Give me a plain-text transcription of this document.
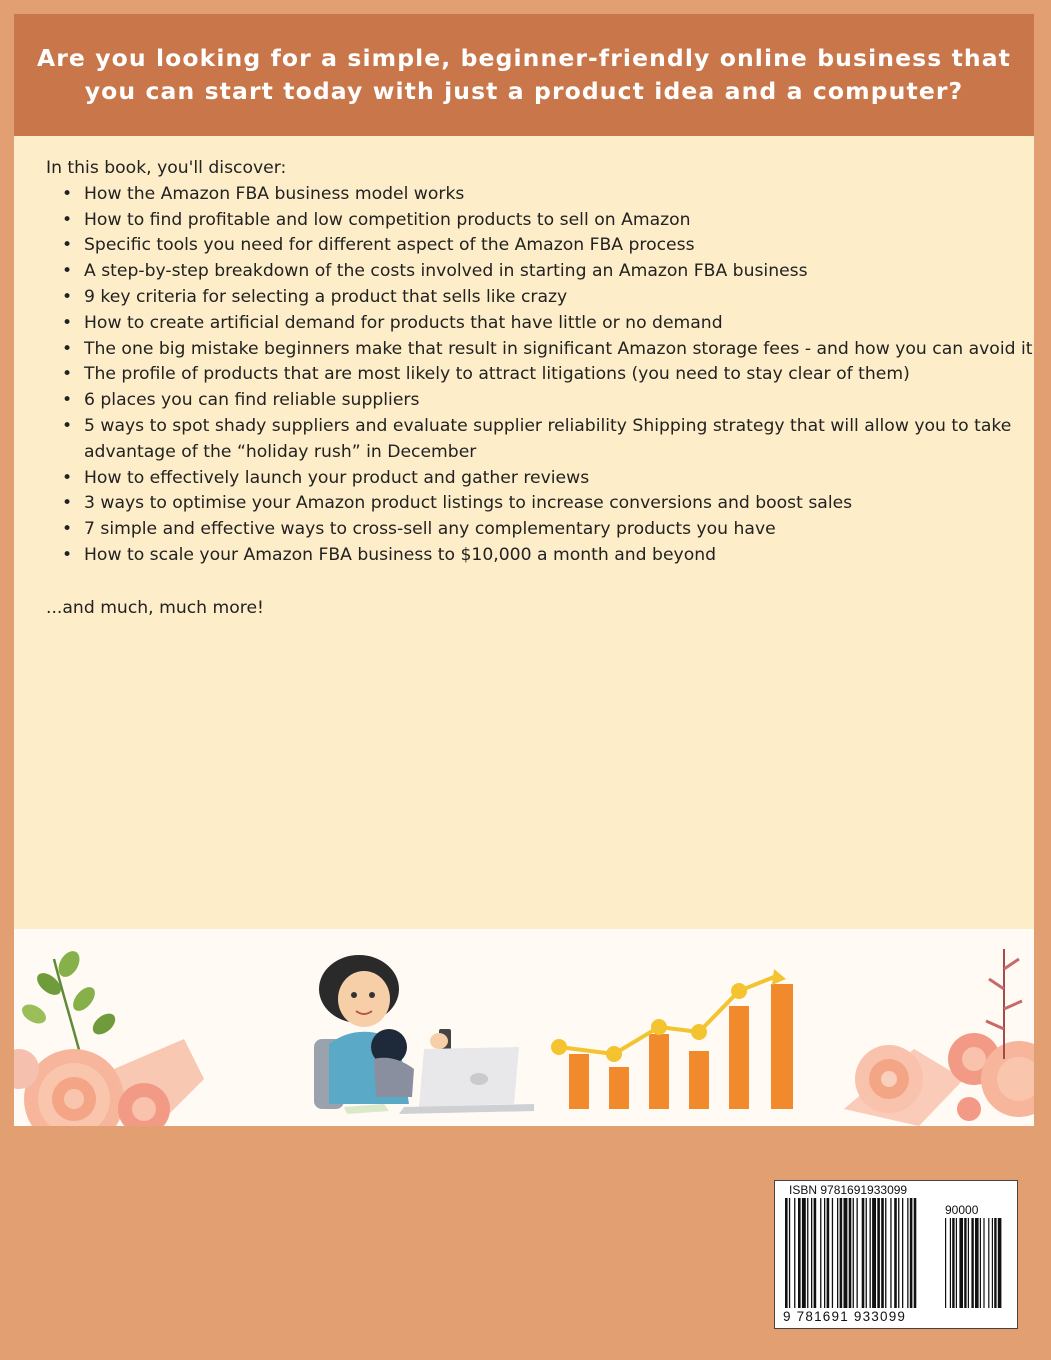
Are you looking for a simple, beginner-friendly online business that you can start today with just a product idea and a computer?

In this book, you'll discover:

• How the Amazon FBA business model works
• How to find profitable and low competition products to sell on Amazon
• Specific tools you need for different aspect of the Amazon FBA process
• A step-by-step breakdown of the costs involved in starting an Amazon FBA business
• 9 key criteria for selecting a product that sells like crazy
• How to create artificial demand for products that have little or no demand
• The one big mistake beginners make that result in significant Amazon storage fees - and how you can avoid it
• The profile of products that are most likely to attract litigations (you need to stay clear of them)
• 6 places you can find reliable suppliers
• 5 ways to spot shady suppliers and evaluate supplier reliability Shipping strategy that will allow you to take advantage of the “holiday rush” in December
• How to effectively launch your product and gather reviews
• 3 ways to optimise your Amazon product listings to increase conversions and boost sales
• 7 simple and effective ways to cross-sell any complementary products you have
• How to scale your Amazon FBA business to $10,000 a month and beyond

...and much, much more!

ISBN 9781691933099
90000
9 781691 933099
